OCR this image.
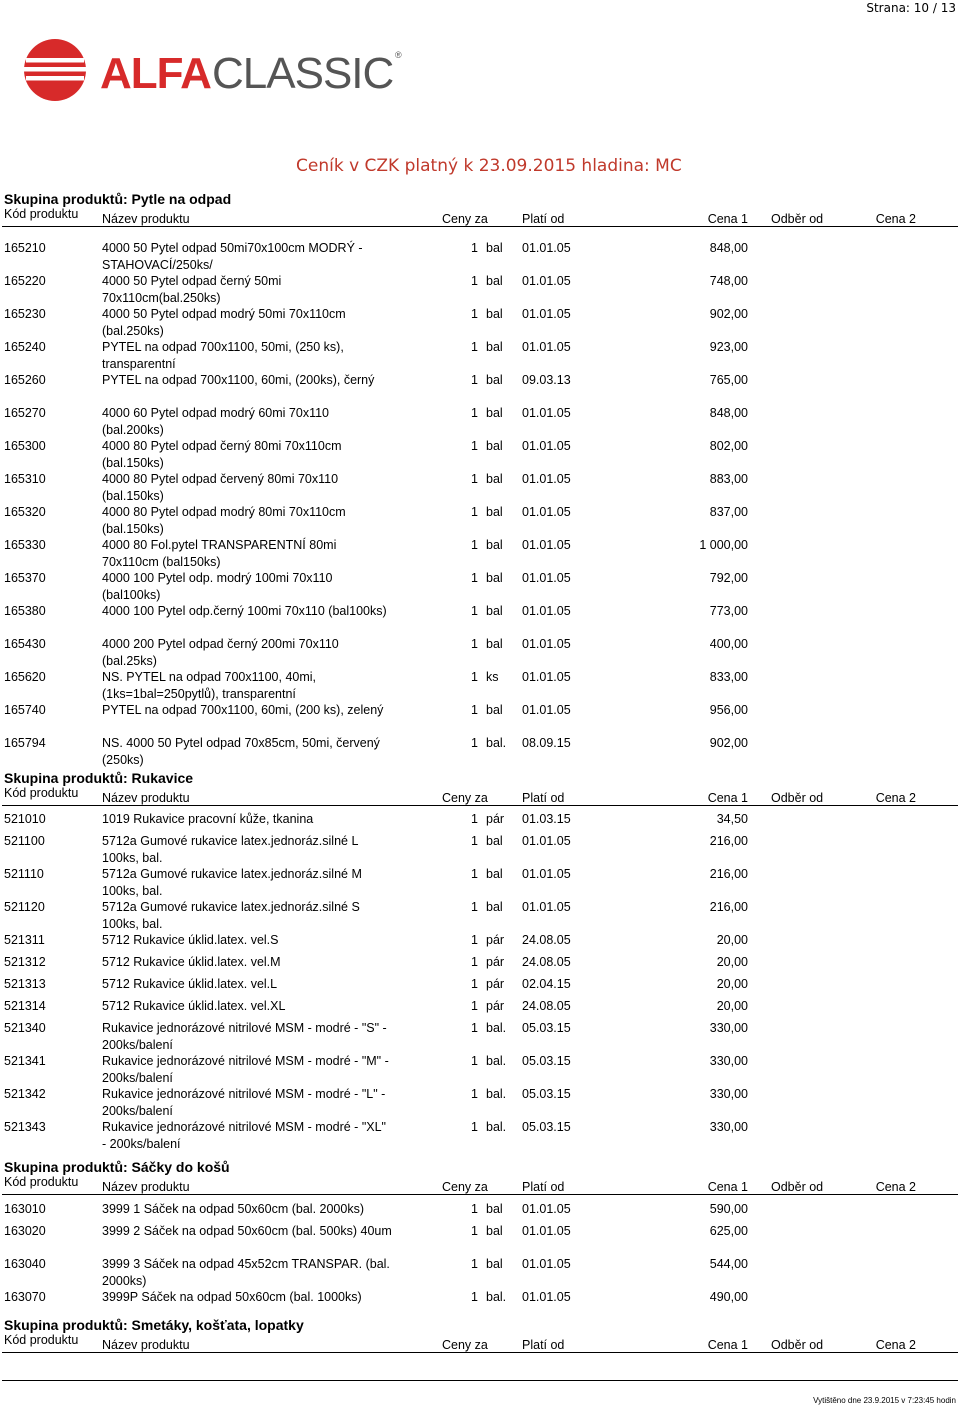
Strana: 10 / 13
ALFA CLASSIC ®
Ceník v CZK platný k 23.09.2015 hladina: MC
Skupina produktů: Pytle na odpad
Kód produktu Název produktu	Ceny za	Platí od	Cena 1 Odběr od	Cena 2
165210	4000 50 Pytel odpad 50mi70x100cm MODRÝ -STAHOVACÍ/250ks/
1 bal 01.01.05	848,00
165220	4000 50 Pytel odpad černý 50mi 70x110cm(bal.250ks)
1 bal 01.01.05	748,00
165230	4000 50 Pytel odpad modrý 50mi 70x110cm (bal.250ks)
1 bal 01.01.05	902,00
165240	PYTEL na odpad 700x1100, 50mi, (250 ks), transparentní
1 bal 01.01.05	923,00
165260	PYTEL na odpad 700x1100, 60mi, (200ks), černý	1 bal 09.03.13	765,00
165270	4000 60 Pytel odpad modrý 60mi 70x110 (bal.200ks)
1 bal 01.01.05	848,00
165300	4000 80 Pytel odpad černý 80mi 70x110cm (bal.150ks)
1 bal 01.01.05	802,00
165310	4000 80 Pytel odpad červený 80mi 70x110 (bal.150ks)
1 bal 01.01.05	883,00
165320	4000 80 Pytel odpad modrý 80mi 70x110cm (bal.150ks)
1 bal 01.01.05	837,00
165330	4000 80 Fol.pytel TRANSPARENTNÍ 80mi 70x110cm (bal150ks)
1 bal 01.01.05	1 000,00
165370	4000 100 Pytel odp. modrý 100mi 70x110 (bal100ks)
1 bal 01.01.05	792,00
165380	4000 100 Pytel odp.černý 100mi 70x110 (bal100ks)	1 bal 01.01.05	773,00
165430	4000 200 Pytel odpad černý 200mi 70x110 (bal.25ks)
1 bal 01.01.05	400,00
165620	NS. PYTEL na odpad 700x1100, 40mi, (1ks=1bal=250pytlů), transparentní
1 ks 01.01.05	833,00
165740	PYTEL na odpad 700x1100, 60mi, (200 ks), zelený	1 bal 01.01.05	956,00
165794	NS. 4000 50 Pytel odpad 70x85cm, 50mi, červený (250ks)
1 bal. 08.09.15	902,00
Skupina produktů: Rukavice
Kód produktu Název produktu	Ceny za	Platí od	Cena 1 Odběr od	Cena 2
521010	1019 Rukavice pracovní kůže, tkanina	1 pár 01.03.15	34,50
521100	5712a Gumové rukavice latex.jednoráz.silné L 100ks, bal.
1 bal 01.01.05	216,00
521110	5712a Gumové rukavice latex.jednoráz.silné M 100ks, bal.
1 bal 01.01.05	216,00
521120	5712a Gumové rukavice latex.jednoráz.silné S 100ks, bal.
1 bal 01.01.05	216,00
521311	5712 Rukavice úklid.latex. vel.S	1 pár 24.08.05	20,00
521312	5712 Rukavice úklid.latex. vel.M	1 pár 24.08.05	20,00
521313	5712 Rukavice úklid.latex. vel.L	1 pár 02.04.15	20,00
521314	5712 Rukavice úklid.latex. vel.XL	1 pár 24.08.05	20,00
521340	Rukavice jednorázové nitrilové MSM - modré - "S" - 200ks/balení
1 bal. 05.03.15	330,00
521341	Rukavice jednorázové nitrilové MSM - modré - "M" - 200ks/balení
1 bal. 05.03.15	330,00
521342	Rukavice jednorázové nitrilové MSM - modré - "L" - 200ks/balení
1 bal. 05.03.15	330,00
521343	Rukavice jednorázové nitrilové MSM - modré - "XL" - 200ks/balení
1 bal. 05.03.15	330,00
Skupina produktů: Sáčky do košů
Kód produktu Název produktu	Ceny za	Platí od	Cena 1 Odběr od	Cena 2
163010	3999 1 Sáček na odpad 50x60cm (bal. 2000ks)	1 bal 01.01.05	590,00
163020	3999 2 Sáček na odpad 50x60cm (bal. 500ks) 40um	1 bal 01.01.05	625,00
163040	3999 3 Sáček na odpad 45x52cm TRANSPAR. (bal. 2000ks)
1 bal 01.01.05	544,00
163070	3999P Sáček na odpad 50x60cm (bal. 1000ks)	1 bal. 01.01.05	490,00
Skupina produktů: Smetáky, košťata, lopatky
Kód produktu Název produktu	Ceny za	Platí od	Cena 1 Odběr od	Cena 2
Vytištěno dne 23.9.2015 v 7:23:45 hodin
